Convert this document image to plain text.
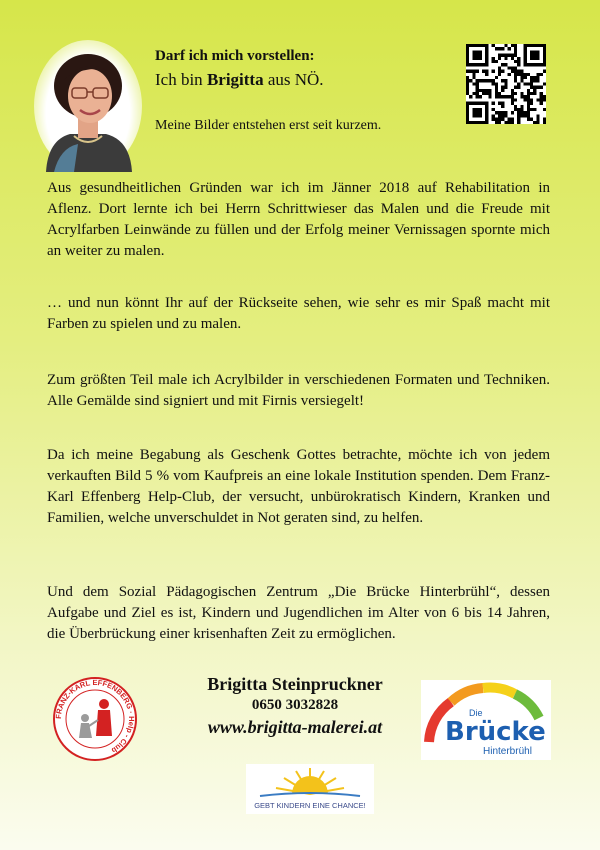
Darf ich mich vorstellen:
Ich bin Brigitta aus NÖ.
Meine Bilder entstehen erst seit kurzem.

Aus gesundheitlichen Gründen war ich im Jänner 2018 auf Rehabilitation in Aflenz. Dort lernte ich bei Herrn Schrittwieser das Malen und die Freude mit Acrylfarben Leinwände zu füllen und der Erfolg meiner Vernissagen spornte mich an weiter zu malen.

… und nun könnt Ihr auf der Rückseite sehen, wie sehr es mir Spaß macht mit Farben zu spielen und zu malen.

Zum größten Teil male ich Acrylbilder in verschiedenen Formaten und Techniken. Alle Gemälde sind signiert und mit Firnis versiegelt!

Da ich meine Begabung als Geschenk Gottes betrachte, möchte ich von jedem verkauften Bild 5 % vom Kaufpreis an eine lokale Institution spenden. Dem Franz-Karl Effenberg Help-Club, der versucht, unbürokratisch Kindern, Kranken und Familien, welche unverschuldet in Not geraten sind, zu helfen.

Und dem Sozial Pädagogischen Zentrum „Die Brücke Hinterbrühl“, dessen Aufgabe und Ziel es ist, Kindern und Jugendlichen im Alter von 6 bis 14 Jahren, die Überbrückung einer krisenhaften Zeit zu ermöglichen.

FRANZ-KARL EFFENBERG · Help - Club
Brigitta Steinpruckner
0650 3032828
www.brigitta-malerei.at
Die
Brücke
Hinterbrühl
GEBT KINDERN EINE CHANCE!
